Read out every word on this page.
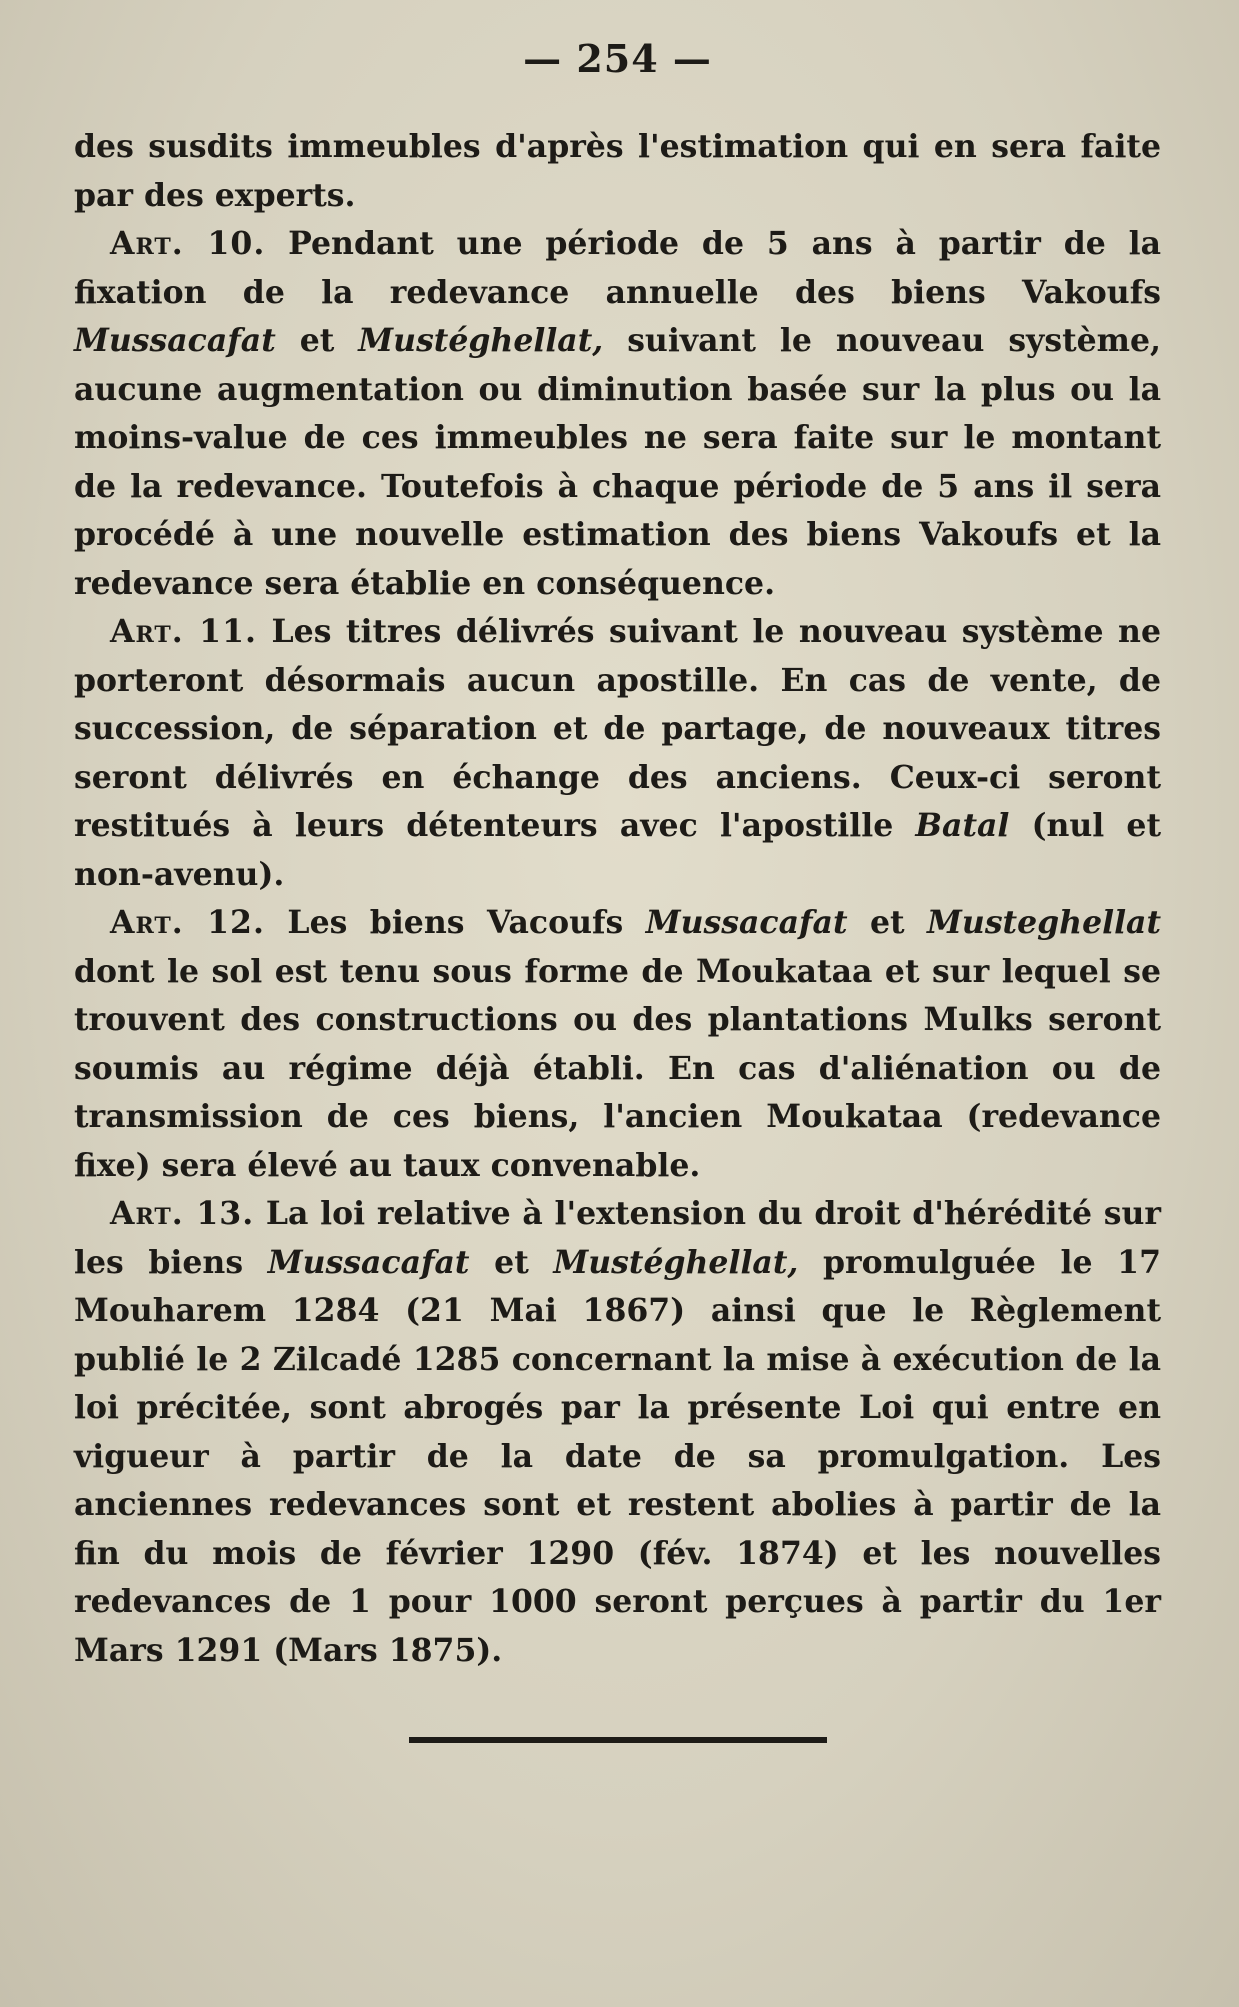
— 254 —

des susdits immeubles d'après l'estimation qui en sera faite par des experts.

Art. 10. Pendant une période de 5 ans à partir de la fixation de la redevance annuelle des biens Vakoufs Mussacafat et Mustéghellat, suivant le nouveau système, aucune augmentation ou diminution basée sur la plus ou la moins-value de ces immeubles ne sera faite sur le montant de la redevance. Toutefois à chaque période de 5 ans il sera procédé à une nouvelle estimation des biens Vakoufs et la redevance sera établie en conséquence.

Art. 11. Les titres délivrés suivant le nouveau système ne porteront désormais aucun apostille. En cas de vente, de succession, de séparation et de partage, de nouveaux titres seront délivrés en échange des anciens. Ceux-ci seront restitués à leurs détenteurs avec l'apostille Batal (nul et non-avenu).

Art. 12. Les biens Vacoufs Mussacafat et Musteghellat dont le sol est tenu sous forme de Moukataa et sur lequel se trouvent des constructions ou des plantations Mulks seront soumis au régime déjà établi. En cas d'aliénation ou de transmission de ces biens, l'ancien Moukataa (redevance fixe) sera élevé au taux convenable.

Art. 13. La loi relative à l'extension du droit d'hérédité sur les biens Mussacafat et Mustéghellat, promulguée le 17 Mouharem 1284 (21 Mai 1867) ainsi que le Règlement publié le 2 Zilcadé 1285 concernant la mise à exécution de la loi précitée, sont abrogés par la présente Loi qui entre en vigueur à partir de la date de sa promulgation. Les anciennes redevances sont et restent abolies à partir de la fin du mois de février 1290 (fév. 1874) et les nouvelles redevances de 1 pour 1000 seront perçues à partir du 1er Mars 1291 (Mars 1875).
